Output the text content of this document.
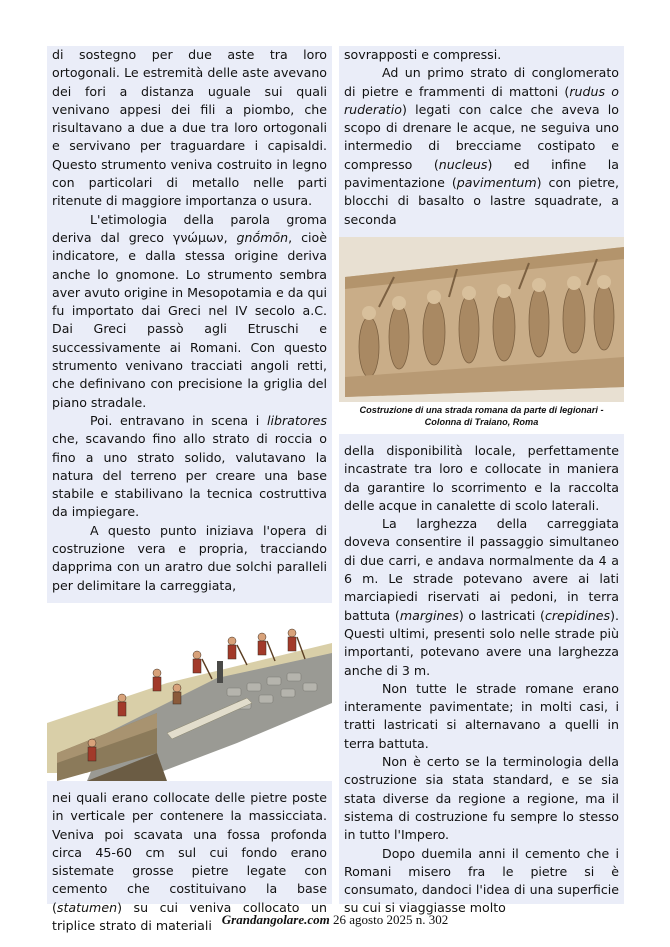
di sostegno per due aste tra loro ortogonali. Le estremità delle aste avevano dei fori a distanza uguale sui quali venivano appesi dei fili a piombo, che risultavano a due a due tra loro ortogonali e servivano per traguardare i capisaldi. Questo strumento veniva costruito in legno con particolari di metallo nelle parti ritenute di maggiore importanza o usura.

L'etimologia della parola groma deriva dal greco γνώμων, gnṓmōn, cioè indicatore, e dalla stessa origine deriva anche lo gnomone. Lo strumento sembra aver avuto origine in Mesopotamia e da qui fu importato dai Greci nel IV secolo a.C. Dai Greci passò agli Etruschi e successivamente ai Romani. Con questo strumento venivano tracciati angoli retti, che definivano con precisione la griglia del piano stradale.

Poi. entravano in scena i libratores che, scavando fino allo strato di roccia o fino a uno strato solido, valutavano la natura del terreno per creare una base stabile e stabilivano la tecnica costruttiva da impiegare.

A questo punto iniziava l'opera di costruzione vera e propria, tracciando dapprima con un aratro due solchi paralleli per delimitare la carreggiata,

nei quali erano collocate delle pietre poste in verticale per contenere la massicciata. Veniva poi scavata una fossa profonda circa 45-60 cm sul cui fondo erano sistemate grosse pietre legate con cemento che costituivano la base (statumen) su cui veniva collocato un triplice strato di materiali

sovrapposti e compressi.

Ad un primo strato di conglomerato di pietre e frammenti di mattoni (rudus o ruderatio) legati con calce che aveva lo scopo di drenare le acque, ne seguiva uno intermedio di brecciame costipato e compresso (nucleus) ed infine la pavimentazione (pavimentum) con pietre, blocchi di basalto o lastre squadrate, a seconda

Costruzione di una strada romana da parte di legionari - Colonna di Traiano, Roma

della disponibilità locale, perfettamente incastrate tra loro e collocate in maniera da garantire lo scorrimento e la raccolta delle acque in canalette di scolo laterali.

La larghezza della carreggiata doveva consentire il passaggio simultaneo di due carri, e andava normalmente da 4 a 6 m. Le strade potevano avere ai lati marciapiedi riservati ai pedoni, in terra battuta (margines) o lastricati (crepidines). Questi ultimi, presenti solo nelle strade più importanti, potevano avere una larghezza anche di 3 m.

Non tutte le strade romane erano interamente pavimentate; in molti casi, i tratti lastricati si alternavano a quelli in terra battuta.

Non è certo se la terminologia della costruzione sia stata standard, e se sia stata diverse da regione a regione, ma il sistema di costruzione fu sempre lo stesso in tutto l'Impero.

Dopo duemila anni il cemento che i Romani misero fra le pietre si è consumato, dandoci l'idea di una superficie su cui si viaggiasse molto

Grandangolare.com 26 agosto 2025 n. 302
